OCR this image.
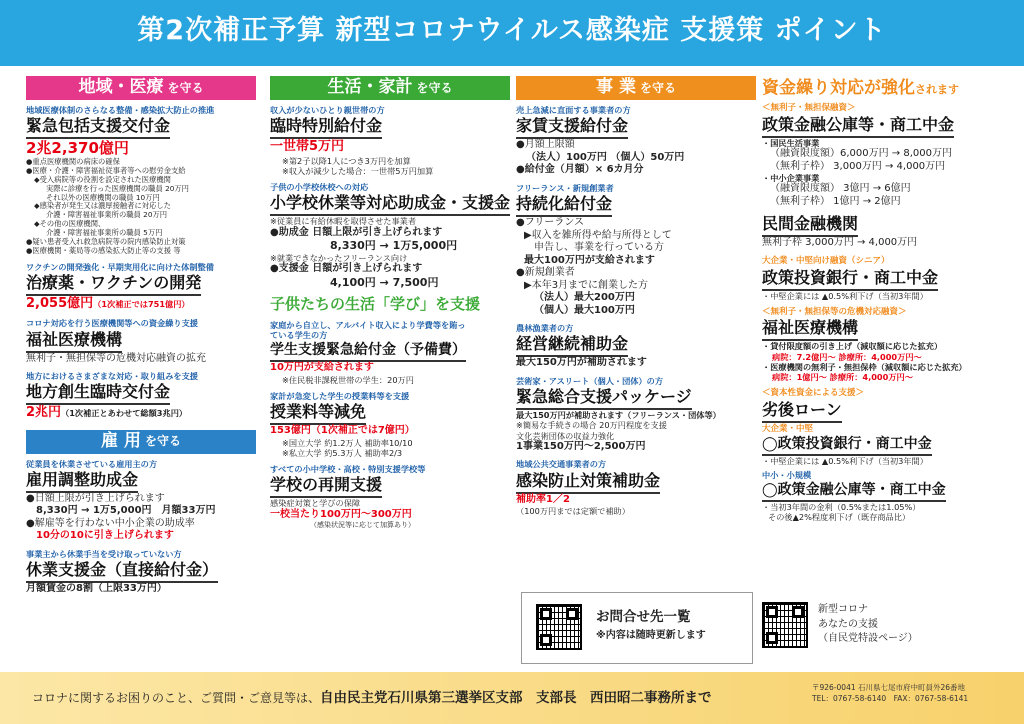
第2次補正予算 新型コロナウイルス感染症 支援策 ポイント
地域・医療 を守る
地域医療体制のさらなる整備・感染拡大防止の推進
緊急包括支援交付金
2兆2,370億円
●重点医療機関の病床の確保
●医療・介護・障害福祉従事者等への慰労金支給
◆受入病院等の役割を設定された医療機関
実際に診療を行った医療機関の職員 20万円
それ以外の医療機関の職員 10万円
◆感染者が発生又は濃厚接触者に対応した
介護・障害福祉事業所の職員 20万円
◆その他の医療機関、
介護・障害福祉事業所の職員 5万円
●疑い患者受入れ救急病院等の院内感染防止対策
●医療機関・薬局等の感染拡大防止等の支援 等
ワクチンの開発強化・早期実用化に向けた体制整備
治療薬・ワクチンの開発
2,055億円（1次補正では751億円）
コロナ対応を行う医療機関等への資金繰り支援
福祉医療機構
無利子・無担保等の危機対応融資の拡充
地方におけるさまざまな対応・取り組みを支援
地方創生臨時交付金
2兆円（1次補正とあわせて総額3兆円）
雇 用 を守る
従業員を休業させている雇用主の方
雇用調整助成金
●日額上限が引き上げられます
8,330円 → 1万5,000円　月額33万円
●解雇等を行わない中小企業の助成率
10分の10に引き上げられます
事業主から休業手当を受け取っていない方
休業支援金（直接給付金）
月額賃金の8割（上限33万円）
生活・家計 を守る
収入が少ないひとり親世帯の方
臨時特別給付金
一世帯5万円
※第2子以降1人につき3万円を加算
※収入が減少した場合：一世帯5万円加算
子供の小学校休校への対応
小学校休業等対応助成金・支援金
※従業員に有給休暇を取得させた事業者
●助成金 日額上限が引き上げられます
8,330円 → 1万5,000円
※就業できなかったフリーランス向け
●支援金 日額が引き上げられます
4,100円 → 7,500円
子供たちの生活「学び」を支援
家庭から自立し、アルバイト収入により学費等を賄っている学生の方
学生支援緊急給付金（予備費）
10万円が支給されます
※住民税非課税世帯の学生：20万円
家計が急変した学生の授業料等を支援
授業料等減免
153億円（1次補正では7億円）
※国立大学 約1.2万人 補助率10/10
※私立大学 約5.3万人 補助率2/3
すべての小中学校・高校・特別支援学校等
学校の再開支援
感染症対策と学びの保障
一校当たり100万円〜300万円
（感染状況等に応じて加算あり）
事 業 を守る
売上急減に直面する事業者の方
家賃支援給付金
●月額上限額
（法人）100万円 （個人）50万円
●給付金（月額）× 6カ月分
フリーランス・新規創業者
持続化給付金
●フリーランス
▶収入を雑所得や給与所得として
申告し、事業を行っている方
最大100万円が支給されます
●新規創業者
▶本年3月までに創業した方
（法人）最大200万円
（個人）最大100万円
農林漁業者の方
経営継続補助金
最大150万円が補助されます
芸術家・アスリート（個人・団体）の方
緊急総合支援パッケージ
最大150万円が補助されます（フリーランス・団体等）
※簡易な手続きの場合 20万円程度を支援
文化芸術団体の収益力強化
1事業150万円〜2,500万円
地域公共交通事業者の方
感染防止対策補助金
補助率1／2
（100万円までは定額で補助）
お問合せ先一覧
※内容は随時更新します
資金繰り対応が強化されます
＜無利子・無担保融資＞
政策金融公庫等・商工中金
・国民生活事業
（融資限度額）6,000万円 → 8,000万円
（無利子枠） 3,000万円 → 4,000万円
・中小企業事業
（融資限度額） 3億円 → 6億円
（無利子枠） 1億円 → 2億円
民間金融機関
無利子枠 3,000万円 → 4,000万円
大企業・中堅向け融資（シニア）
政策投資銀行・商工中金
・中堅企業には ▲0.5%利下げ（当初3年間）
＜無利子・無担保等の危機対応融資＞
福祉医療機構
・貸付限度額の引き上げ（減収額に応じた拡充）
病院：7.2億円〜 診療所：4,000万円〜
・医療機関の無利子・無担保枠（減収額に応じた拡充）
病院：1億円〜 診療所：4,000万円〜
＜資本性資金による支援＞
劣後ローン
大企業・中堅
◯政策投資銀行・商工中金
・中堅企業には ▲0.5%利下げ（当初3年間）
中小・小規模
◯政策金融公庫等・商工中金
・当初3年間の金利（0.5%または1.05%）
その後▲2%程度利下げ（既存商品比）
新型コロナ
あなたの支援
（自民党特設ページ）
コロナに関するお困りのこと、ご質問・ご意見等は、自由民主党石川県第三選挙区支部　支部長　西田昭二事務所まで
〒926-0041 石川県七尾市府中町員外26番地
TEL：0767-58-6140　FAX：0767-58-6141
